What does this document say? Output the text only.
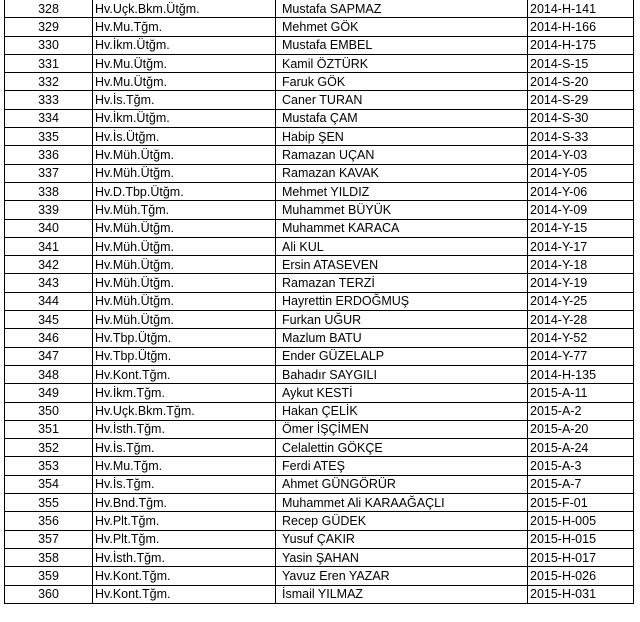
328	Hv.Uçk.Bkm.Ütğm.	Mustafa SAPMAZ	2014-H-141
329	Hv.Mu.Tğm.	Mehmet GÖK	2014-H-166
330	Hv.İkm.Ütğm.	Mustafa EMBEL	2014-H-175
331	Hv.Mu.Ütğm.	Kamil ÖZTÜRK	2014-S-15
332	Hv.Mu.Ütğm.	Faruk GÖK	2014-S-20
333	Hv.İs.Tğm.	Caner TURAN	2014-S-29
334	Hv.İkm.Ütğm.	Mustafa ÇAM	2014-S-30
335	Hv.İs.Ütğm.	Habip ŞEN	2014-S-33
336	Hv.Müh.Ütğm.	Ramazan UÇAN	2014-Y-03
337	Hv.Müh.Ütğm.	Ramazan KAVAK	2014-Y-05
338	Hv.D.Tbp.Ütğm.	Mehmet YILDIZ	2014-Y-06
339	Hv.Müh.Tğm.	Muhammet BÜYÜK	2014-Y-09
340	Hv.Müh.Ütğm.	Muhammet KARACA	2014-Y-15
341	Hv.Müh.Ütğm.	Ali KUL	2014-Y-17
342	Hv.Müh.Ütğm.	Ersin ATASEVEN	2014-Y-18
343	Hv.Müh.Ütğm.	Ramazan TERZİ	2014-Y-19
344	Hv.Müh.Ütğm.	Hayrettin ERDOĞMUŞ	2014-Y-25
345	Hv.Müh.Ütğm.	Furkan UĞUR	2014-Y-28
346	Hv.Tbp.Ütğm.	Mazlum BATU	2014-Y-52
347	Hv.Tbp.Ütğm.	Ender GÜZELALP	2014-Y-77
348	Hv.Kont.Tğm.	Bahadır SAYGILI	2014-H-135
349	Hv.İkm.Tğm.	Aykut KESTİ	2015-A-11
350	Hv.Uçk.Bkm.Tğm.	Hakan ÇELİK	2015-A-2
351	Hv.İsth.Tğm.	Ömer İŞÇİMEN	2015-A-20
352	Hv.İs.Tğm.	Celalettin GÖKÇE	2015-A-24
353	Hv.Mu.Tğm.	Ferdi ATEŞ	2015-A-3
354	Hv.İs.Tğm.	Ahmet GÜNGÖRÜR	2015-A-7
355	Hv.Bnd.Tğm.	Muhammet Ali KARAAĞAÇLI	2015-F-01
356	Hv.Plt.Tğm.	Recep GÜDEK	2015-H-005
357	Hv.Plt.Tğm.	Yusuf ÇAKIR	2015-H-015
358	Hv.İsth.Tğm.	Yasin ŞAHAN	2015-H-017
359	Hv.Kont.Tğm.	Yavuz Eren YAZAR	2015-H-026
360	Hv.Kont.Tğm.	İsmail YILMAZ	2015-H-031
